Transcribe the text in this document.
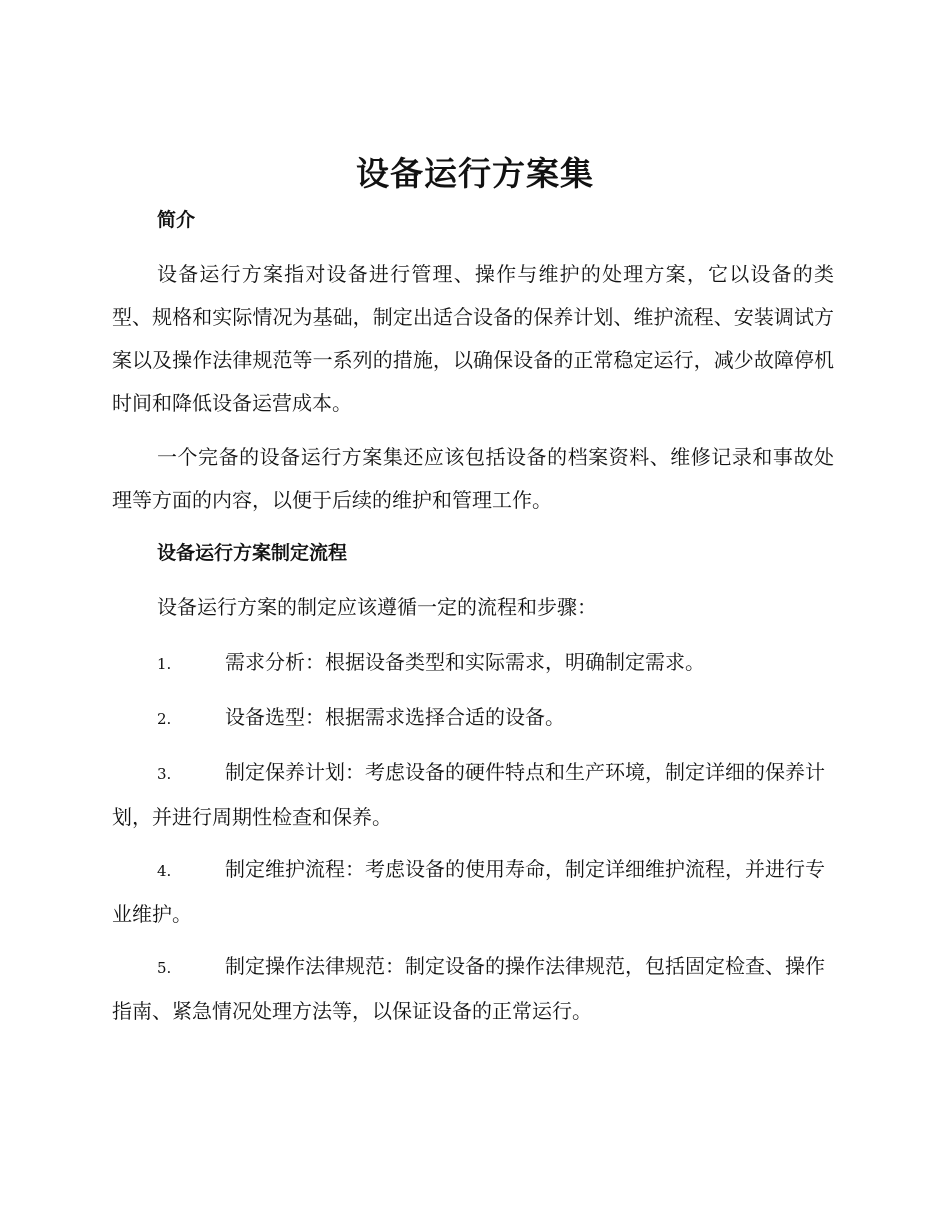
设备运行方案集
简介

设备运行方案指对设备进行管理、操作与维护的处理方案，它以设备的类型、规格和实际情况为基础，制定出适合设备的保养计划、维护流程、安装调试方案以及操作法律规范等一系列的措施，以确保设备的正常稳定运行，减少故障停机时间和降低设备运营成本。

一个完备的设备运行方案集还应该包括设备的档案资料、维修记录和事故处理等方面的内容，以便于后续的维护和管理工作。

设备运行方案制定流程

设备运行方案的制定应该遵循一定的流程和步骤：

1.	需求分析：根据设备类型和实际需求，明确制定需求。

2.	设备选型：根据需求选择合适的设备。

3.	制定保养计划：考虑设备的硬件特点和生产环境，制定详细的保养计划，并进行周期性检查和保养。

4.	制定维护流程：考虑设备的使用寿命，制定详细维护流程，并进行专业维护。

5.	制定操作法律规范：制定设备的操作法律规范，包括固定检查、操作指南、紧急情况处理方法等，以保证设备的正常运行。
